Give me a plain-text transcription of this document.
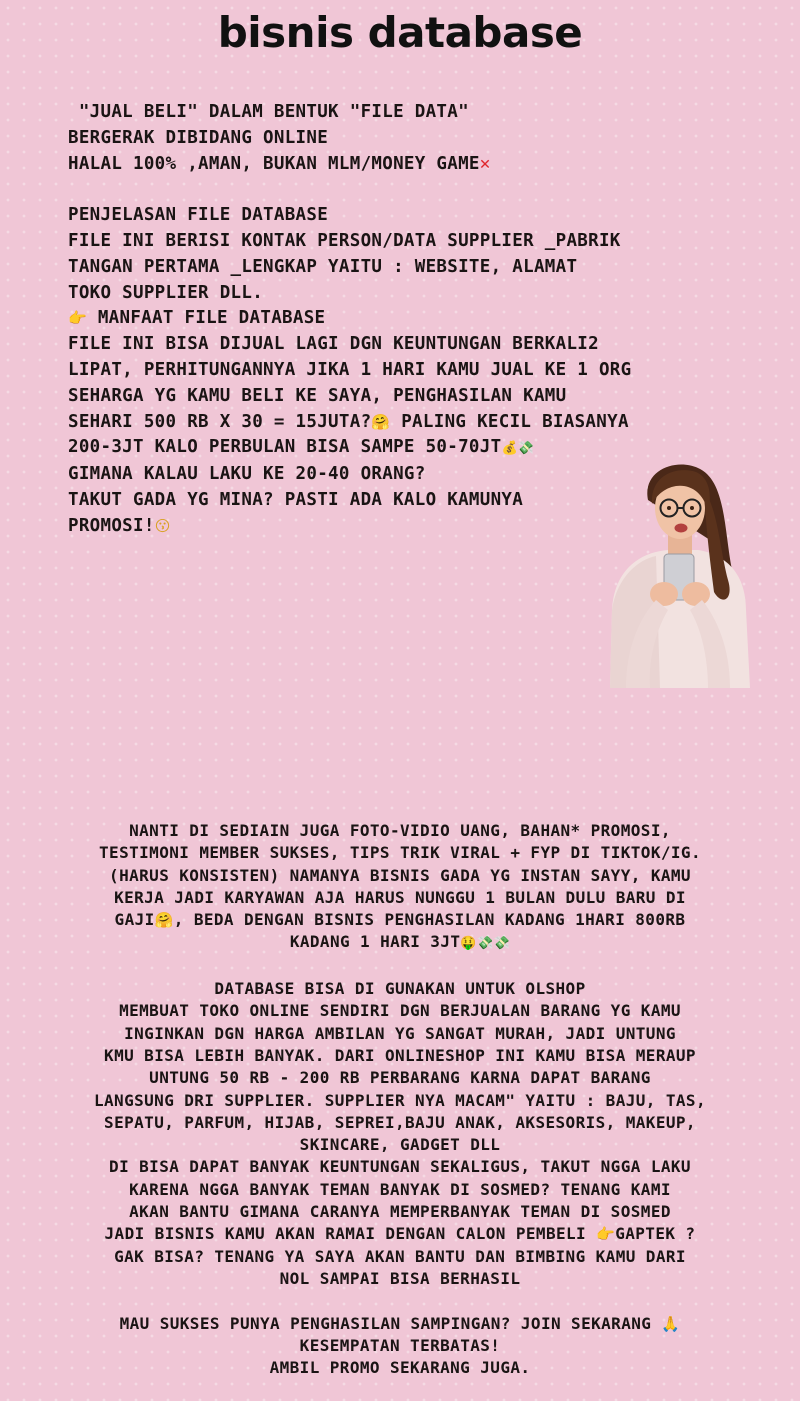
bisnis database
"JUAL BELI" DALAM BENTUK "FILE DATA"
BERGERAK DIBIDANG ONLINE
HALAL 100% ,AMAN, BUKAN MLM/MONEY GAME✕

PENJELASAN FILE DATABASE
FILE INI BERISI KONTAK PERSON/DATA SUPPLIER _PABRIK
TANGAN PERTAMA _LENGKAP YAITU : WEBSITE, ALAMAT
TOKO SUPPLIER DLL.
👉 MANFAAT FILE DATABASE
FILE INI BISA DIJUAL LAGI DGN KEUNTUNGAN BERKALI2
LIPAT, PERHITUNGANNYA JIKA 1 HARI KAMU JUAL KE 1 ORG
SEHARGA YG KAMU BELI KE SAYA, PENGHASILAN KAMU
SEHARI 500 RB X 30 = 15JUTA?🤗 PALING KECIL BIASANYA
200-3JT KALO PERBULAN BISA SAMPE 50-70JT💰💸
GIMANA KALAU LAKU KE 20-40 ORANG?
TAKUT GADA YG MINA? PASTI ADA KALO KAMUNYA
PROMOSI!😗
NANTI DI SEDIAIN JUGA FOTO-VIDIO UANG, BAHAN* PROMOSI,
TESTIMONI MEMBER SUKSES, TIPS TRIK VIRAL + FYP DI TIKTOK/IG.
(HARUS KONSISTEN) NAMANYA BISNIS GADA YG INSTAN SAYY, KAMU
KERJA JADI KARYAWAN AJA HARUS NUNGGU 1 BULAN DULU BARU DI
GAJI🤗, BEDA DENGAN BISNIS PENGHASILAN KADANG 1HARI 800RB
KADANG 1 HARI 3JT🤑💸💸

DATABASE BISA DI GUNAKAN UNTUK OLSHOP
MEMBUAT TOKO ONLINE SENDIRI DGN BERJUALAN BARANG YG KAMU
INGINKAN DGN HARGA AMBILAN YG SANGAT MURAH, JADI UNTUNG
KMU BISA LEBIH BANYAK. DARI ONLINESHOP INI KAMU BISA MERAUP
UNTUNG 50 RB - 200 RB PERBARANG KARNA DAPAT BARANG
LANGSUNG DRI SUPPLIER. SUPPLIER NYA MACAM" YAITU : BAJU, TAS,
SEPATU, PARFUM, HIJAB, SEPREI,BAJU ANAK, AKSESORIS, MAKEUP,
SKINCARE, GADGET DLL
DI BISA DAPAT BANYAK KEUNTUNGAN SEKALIGUS, TAKUT NGGA LAKU
KARENA NGGA BANYAK TEMAN BANYAK DI SOSMED? TENANG KAMI
AKAN BANTU GIMANA CARANYA MEMPERBANYAK TEMAN DI SOSMED
JADI BISNIS KAMU AKAN RAMAI DENGAN CALON PEMBELI 👉GAPTEK ?
GAK BISA? TENANG YA SAYA AKAN BANTU DAN BIMBING KAMU DARI
NOL SAMPAI BISA BERHASIL

MAU SUKSES PUNYA PENGHASILAN SAMPINGAN? JOIN SEKARANG 🙏
KESEMPATAN TERBATAS!
AMBIL PROMO SEKARANG JUGA.
